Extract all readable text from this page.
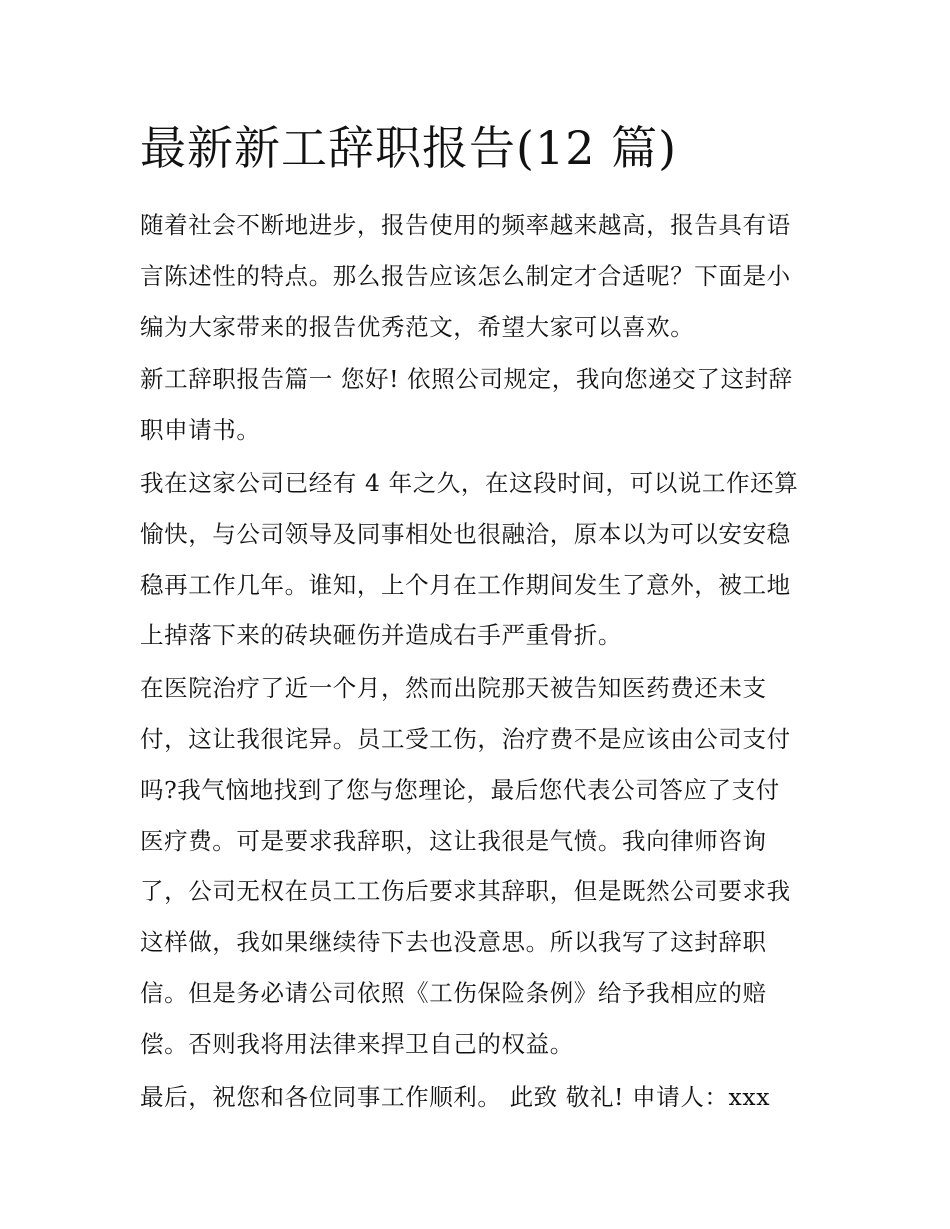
最新新工辞职报告(12 篇)

随着社会不断地进步，报告使用的频率越来越高，报告具有语
言陈述性的特点。那么报告应该怎么制定才合适呢？下面是小
编为大家带来的报告优秀范文，希望大家可以喜欢。

新工辞职报告篇一 您好! 依照公司规定，我向您递交了这封辞
职申请书。

我在这家公司已经有 4 年之久，在这段时间，可以说工作还算
愉快，与公司领导及同事相处也很融洽，原本以为可以安安稳
稳再工作几年。谁知，上个月在工作期间发生了意外，被工地
上掉落下来的砖块砸伤并造成右手严重骨折。

在医院治疗了近一个月，然而出院那天被告知医药费还未支
付，这让我很诧异。员工受工伤，治疗费不是应该由公司支付
吗?我气恼地找到了您与您理论，最后您代表公司答应了支付
医疗费。可是要求我辞职，这让我很是气愤。我向律师咨询
了，公司无权在员工工伤后要求其辞职，但是既然公司要求我
这样做，我如果继续待下去也没意思。所以我写了这封辞职
信。但是务必请公司依照《工伤保险条例》给予我相应的赔
偿。否则我将用法律来捍卫自己的权益。

最后，祝您和各位同事工作顺利。 此致 敬礼! 申请人：xxx
